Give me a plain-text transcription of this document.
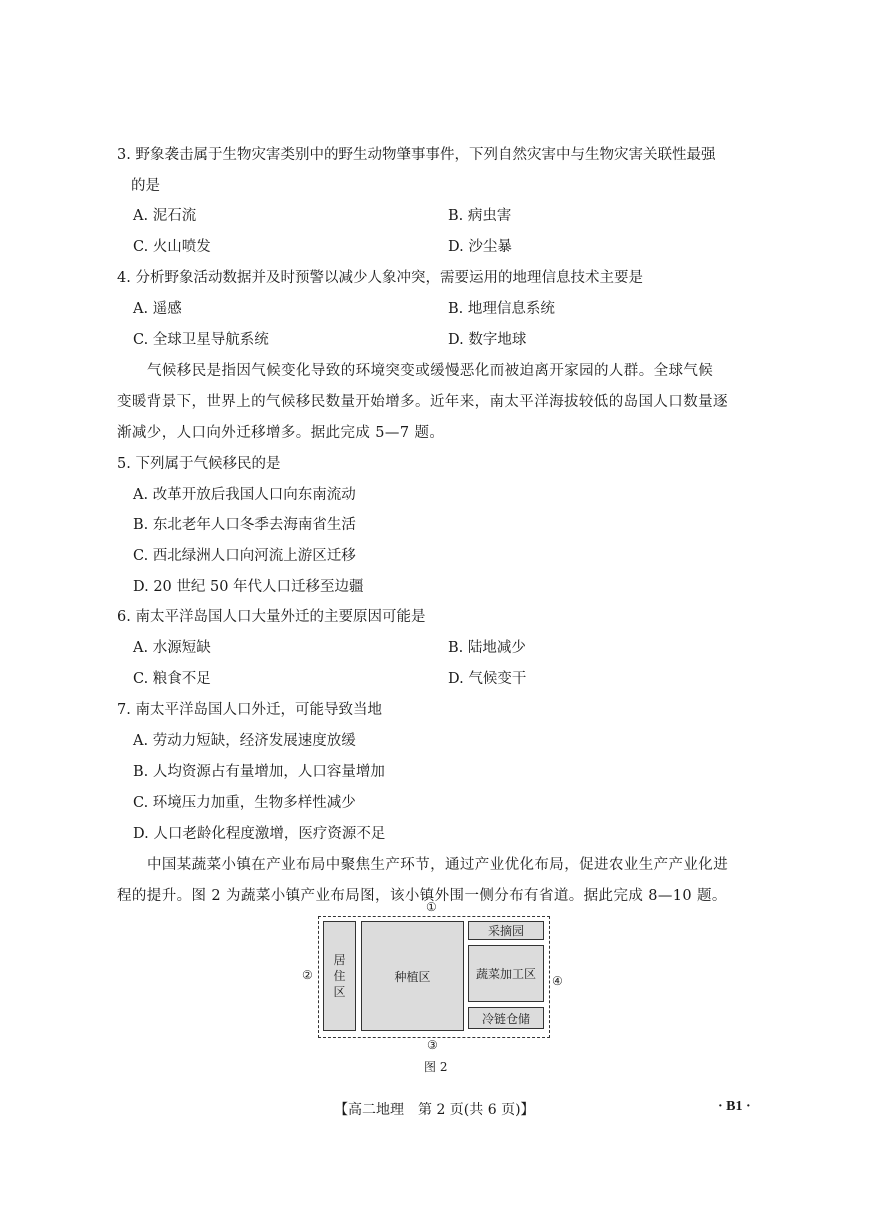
3. 野象袭击属于生物灾害类别中的野生动物肇事事件，下列自然灾害中与生物灾害关联性最强
的是
A. 泥石流	B. 病虫害
C. 火山喷发	D. 沙尘暴
4. 分析野象活动数据并及时预警以减少人象冲突，需要运用的地理信息技术主要是
A. 遥感	B. 地理信息系统
C. 全球卫星导航系统	D. 数字地球
气候移民是指因气候变化导致的环境突变或缓慢恶化而被迫离开家园的人群。全球气候
变暖背景下，世界上的气候移民数量开始增多。近年来，南太平洋海拔较低的岛国人口数量逐
渐减少，人口向外迁移增多。据此完成 5—7 题。
5. 下列属于气候移民的是
A. 改革开放后我国人口向东南流动
B. 东北老年人口冬季去海南省生活
C. 西北绿洲人口向河流上游区迁移
D. 20 世纪 50 年代人口迁移至边疆
6. 南太平洋岛国人口大量外迁的主要原因可能是
A. 水源短缺	B. 陆地减少
C. 粮食不足	D. 气候变干
7. 南太平洋岛国人口外迁，可能导致当地
A. 劳动力短缺，经济发展速度放缓
B. 人均资源占有量增加，人口容量增加
C. 环境压力加重，生物多样性减少
D. 人口老龄化程度激增，医疗资源不足
中国某蔬菜小镇在产业布局中聚焦生产环节，通过产业优化布局，促进农业生产产业化进
程的提升。图 2 为蔬菜小镇产业布局图，该小镇外围一侧分布有省道。据此完成 8—10 题。
①
②
③
④
居
住
区
种植区
采摘园
蔬菜加工区
冷链仓储
图 2
【高二地理　第 2 页(共 6 页)】	· B1 ·
